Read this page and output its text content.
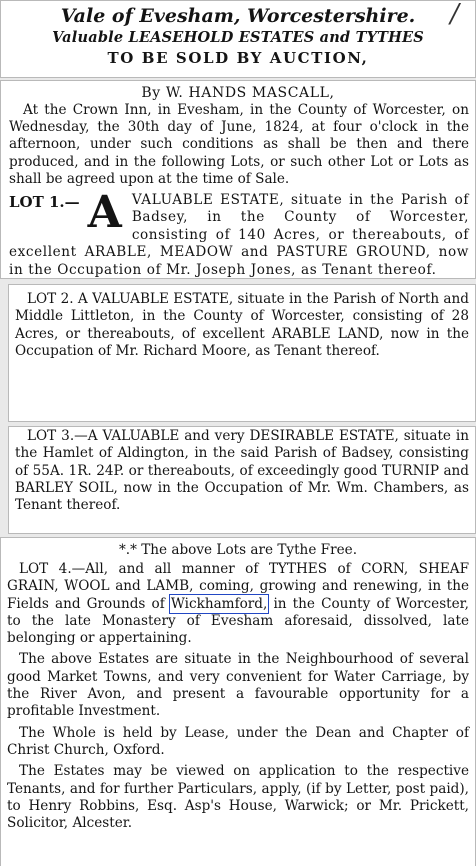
/
Vale of Evesham, Worcestershire.
Valuable LEASEHOLD ESTATES and TYTHES
TO BE SOLD BY AUCTION,
By W. HANDS MASCALL,
At the Crown Inn, in Evesham, in the County of Worcester, on Wednesday, the 30th day of June, 1824, at four o'clock in the afternoon, under such conditions as shall be then and there produced, and in the following Lots, or such other Lot or Lots as shall be agreed upon at the time of Sale.
LOT 1.— A VALUABLE ESTATE, situate in the Parish of Badsey, in the County of Worcester, consisting of 140 Acres, or thereabouts, of excellent ARABLE, MEADOW and PASTURE GROUND, now in the Occupation of Mr. Joseph Jones, as Tenant thereof.
LOT 2. A VALUABLE ESTATE, situate in the Parish of North and Middle Littleton, in the County of Worcester, consisting of 28 Acres, or thereabouts, of excellent ARABLE LAND, now in the Occupation of Mr. Richard Moore, as Tenant thereof.
LOT 3.—A VALUABLE and very DESIRABLE ESTATE, situate in the Hamlet of Aldington, in the said Parish of Badsey, consisting of 55A. 1R. 24P. or thereabouts, of exceedingly good TURNIP and BARLEY SOIL, now in the Occupation of Mr. Wm. Chambers, as Tenant thereof.
*.* The above Lots are Tythe Free.
LOT 4.—All, and all manner of TYTHES of CORN, SHEAF GRAIN, WOOL and LAMB, coming, growing and renewing, in the Fields and Grounds of Wickhamford, in the County of Worcester, to the late Monastery of Evesham aforesaid, dissolved, late belonging or appertaining.
The above Estates are situate in the Neighbourhood of several good Market Towns, and very convenient for Water Carriage, by the River Avon, and present a favourable opportunity for a profitable Investment.
The Whole is held by Lease, under the Dean and Chapter of Christ Church, Oxford.
The Estates may be viewed on application to the respective Tenants, and for further Particulars, apply, (if by Letter, post paid), to Henry Robbins, Esq. Asp's House, Warwick; or Mr. Prickett, Solicitor, Alcester.
